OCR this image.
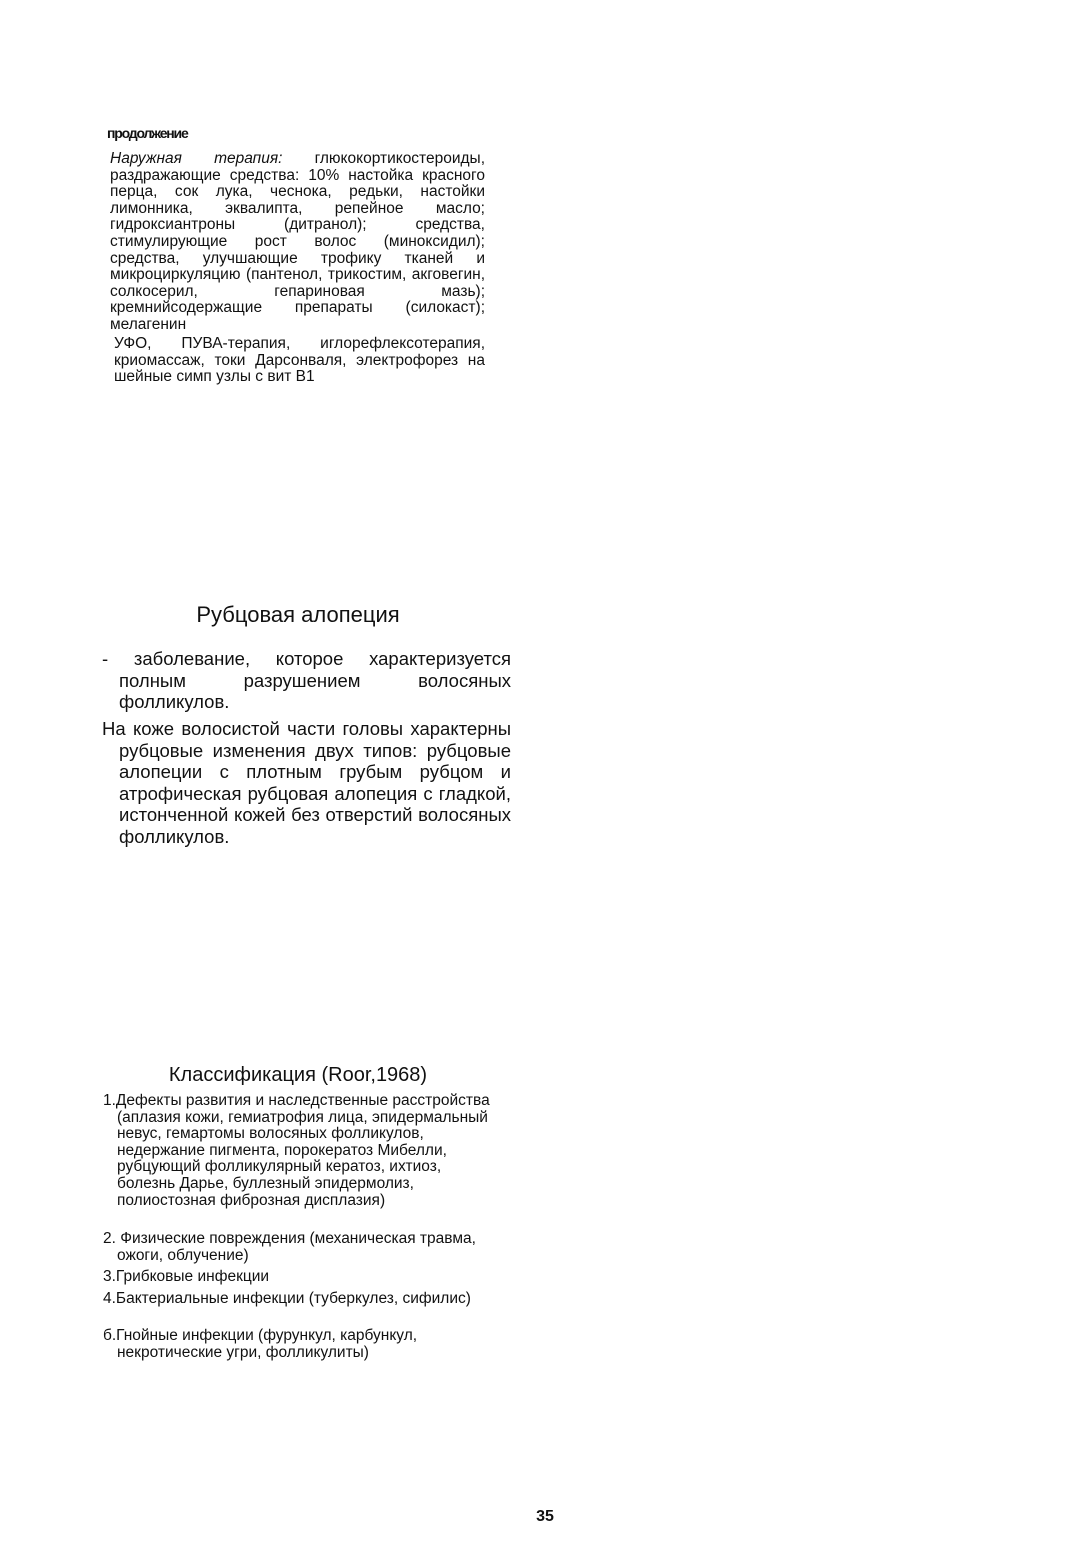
продолжение
Наружная терапия: глюкокортикостероиды, раздражающие средства: 10% настойка красного перца, сок лука, чеснока, редьки, настойки лимонника, эквалипта, репейное масло; гидроксиантроны (дитранол); средства, стимулирующие рост волос (миноксидил); средства, улучшающие трофику тканей и микроциркуляцию (пантенол, трикостим, акговегин, солкосерил, гепариновая мазь); кремнийсодержащие препараты (силокаст); мелагенин
УФО, ПУВА-терапия, иглорефлексотерапия, криомассаж, токи Дарсонваля, электрофорез на шейные симп узлы с вит В1
Рубцовая алопеция
- заболевание, которое характеризуется полным разрушением волосяных фолликулов.
На коже волосистой части головы характерны рубцовые изменения двух типов: рубцовые алопеции с плотным грубым рубцом и атрофическая рубцовая алопеция с гладкой, истонченной кожей без отверстий волосяных фолликулов.
Классификация (Roor,1968)
1.Дефекты развития и наследственные расстройства (аплазия кожи, гемиатрофия лица, эпидермальный невус, гемартомы волосяных фолликулов, недержание пигмента, порокератоз Мибелли, рубцующий фолликулярный кератоз, ихтиоз, болезнь Дарье, буллезный эпидермолиз, полиостозная фиброзная дисплазия)
2. Физические повреждения (механическая травма, ожоги, облучение)
3.Грибковые инфекции
4.Бактериальные инфекции (туберкулез, сифилис)
б.Гнойные инфекции (фурункул, карбункул, некротические угри, фолликулиты)
35
